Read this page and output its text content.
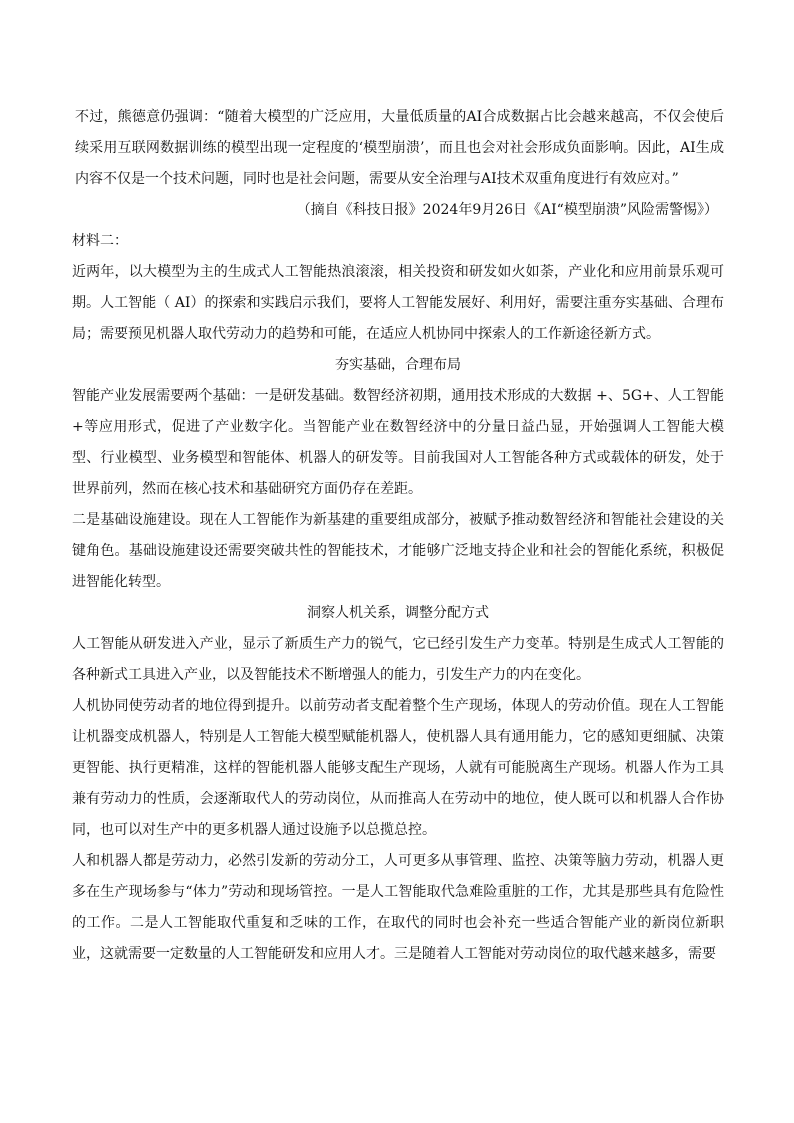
不过，熊德意仍强调：“随着大模型的广泛应用，大量低质量的AI合成数据占比会越来越高，不仅会使后续采用互联网数据训练的模型出现一定程度的‘模型崩溃’，而且也会对社会形成负面影响。因此，AI生成内容不仅是一个技术问题，同时也是社会问题，需要从安全治理与AI技术双重角度进行有效应对。”

（摘自《科技日报》2024年9月26日《AI“模型崩溃”风险需警惕》）

材料二：

近两年，以大模型为主的生成式人工智能热浪滚滚，相关投资和研发如火如荼，产业化和应用前景乐观可期。人工智能（ AI）的探索和实践启示我们，要将人工智能发展好、利用好，需要注重夯实基础、合理布局；需要预见机器人取代劳动力的趋势和可能，在适应人机协同中探索人的工作新途径新方式。

夯实基础，合理布局

智能产业发展需要两个基础：一是研发基础。数智经济初期，通用技术形成的大数据 +、5G+、人工智能+等应用形式，促进了产业数字化。当智能产业在数智经济中的分量日益凸显，开始强调人工智能大模型、行业模型、业务模型和智能体、机器人的研发等。目前我国对人工智能各种方式或载体的研发，处于世界前列，然而在核心技术和基础研究方面仍存在差距。

二是基础设施建设。现在人工智能作为新基建的重要组成部分，被赋予推动数智经济和智能社会建设的关键角色。基础设施建设还需要突破共性的智能技术，才能够广泛地支持企业和社会的智能化系统，积极促进智能化转型。

洞察人机关系，调整分配方式

人工智能从研发进入产业，显示了新质生产力的锐气，它已经引发生产力变革。特别是生成式人工智能的各种新式工具进入产业，以及智能技术不断增强人的能力，引发生产力的内在变化。

人机协同使劳动者的地位得到提升。以前劳动者支配着整个生产现场，体现人的劳动价值。现在人工智能让机器变成机器人，特别是人工智能大模型赋能机器人，使机器人具有通用能力，它的感知更细腻、决策更智能、执行更精准，这样的智能机器人能够支配生产现场，人就有可能脱离生产现场。机器人作为工具兼有劳动力的性质，会逐渐取代人的劳动岗位，从而推高人在劳动中的地位，使人既可以和机器人合作协同，也可以对生产中的更多机器人通过设施予以总揽总控。

人和机器人都是劳动力，必然引发新的劳动分工，人可更多从事管理、监控、决策等脑力劳动，机器人更多在生产现场参与“体力”劳动和现场管控。一是人工智能取代急难险重脏的工作，尤其是那些具有危险性的工作。二是人工智能取代重复和乏味的工作，在取代的同时也会补充一些适合智能产业的新岗位新职业，这就需要一定数量的人工智能研发和应用人才。三是随着人工智能对劳动岗位的取代越来越多，需要
